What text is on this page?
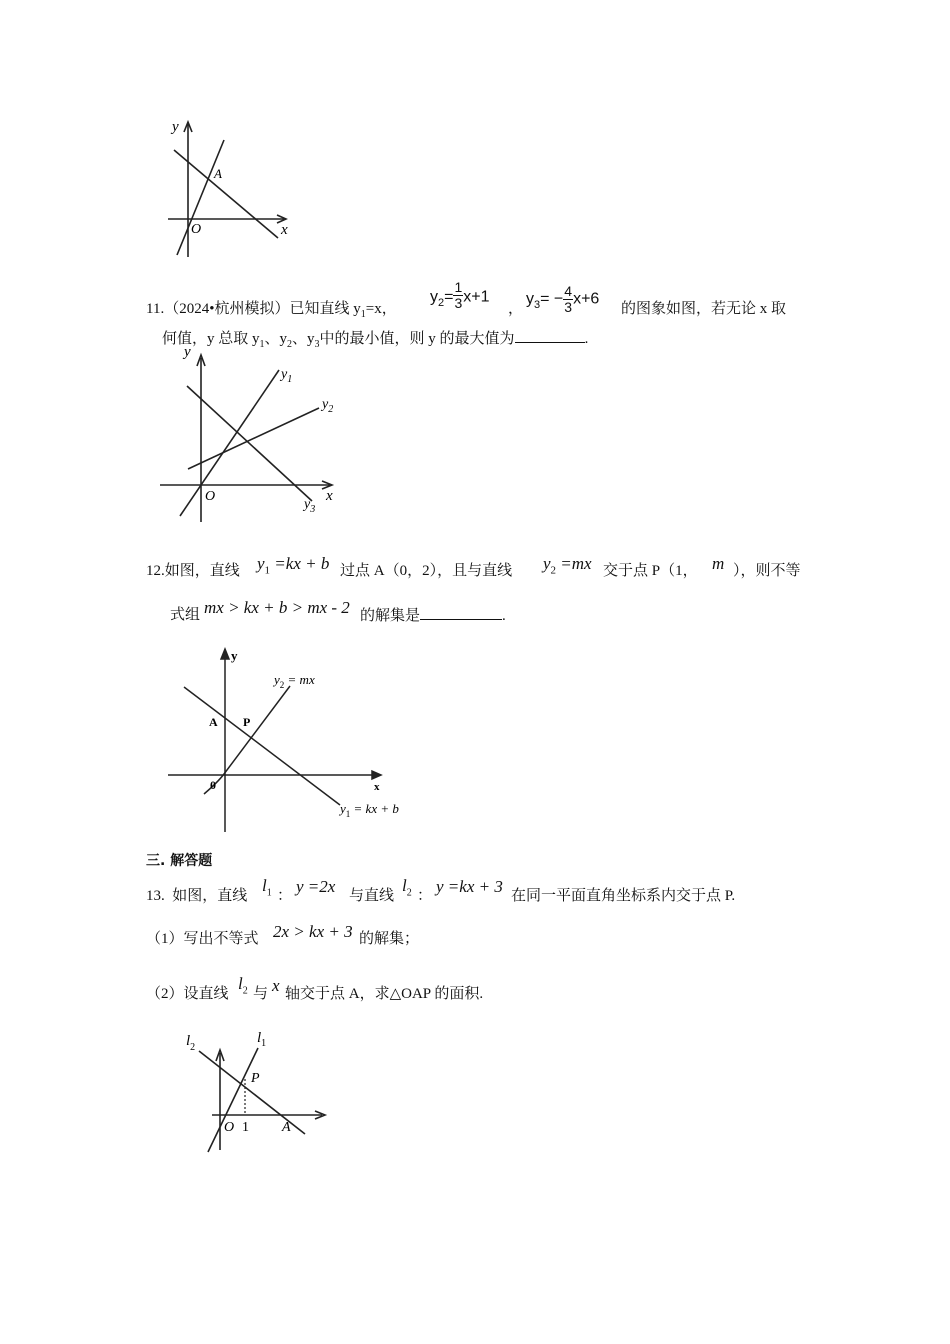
y
A
O	x
11.（2024•杭州模拟）已知直线 $y_1=x$，
$y_2= \frac{1}{3} x+1$
，
$y_3= - \frac{4}{3} x+6$
的图象如图，若无论 x 取
何值，y 总取 $y_1$、$y_2$、$y_3$中的最小值，则 y 的最大值为	.
y
$y_1$
$y_2$
$y_3$
O	x
12.如图，直线 $y_1 =kx + b$ 过点 A（0，2），且与直线 $y_2 =mx$ 交于点 P（1， m ），则不等
式组 mx > kx + b > mx - 2 的解集是	.
y
$y_2$ = mx
A P
0	x
$y_1$ = kx + b
三. 解答题
13. 如图，直线
$l_1$ ： y =2x 与直线
$l_2$ ： y =kx + 3 在同一平面直角坐标系内交于点 P.
（1）写出不等式 2x > kx + 3 的解集；
（2）设直线
$l_2$ 与 x 轴交于点 A，求△OAP 的面积.
$l_2$
$l_1$
P
O 1 A
